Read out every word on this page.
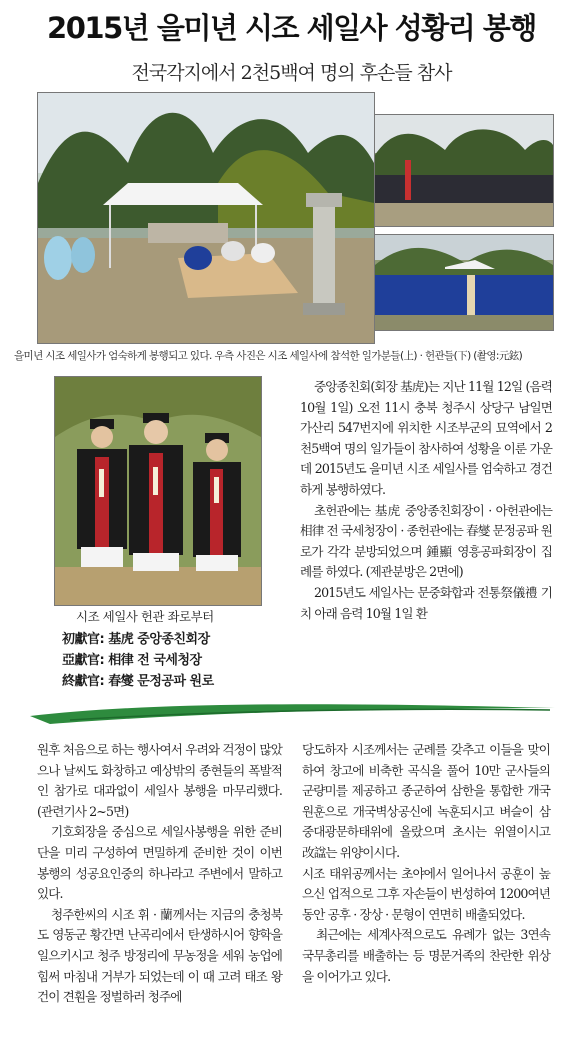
2015년 을미년 시조 세일사 성황리 봉행
전국각지에서 2천5백여 명의 후손들 참사
을미년 시조 세일사가 엄숙하게 봉행되고 있다. 우측 사진은 시조 세일사에 참석한 일가분들(上) · 헌관들(下) (촬영:元鉉)
시조 세일사 헌관 좌로부터
初獻官: 基虎 중앙종친회장
亞獻官: 相律 전 국세청장
終獻官: 春燮 문정공파 원로

중앙종친회(회장 基虎)는 지난 11월 12일 (음력 10월 1일) 오전 11시 충북 청주시 상당구 남일면 가산리 547번지에 위치한 시조부군의 묘역에서 2천5백여 명의 일가들이 참사하여 성황을 이룬 가운데 2015년도 을미년 시조 세일사를 엄숙하고 경건하게 봉행하였다.

초헌관에는 基虎 중앙종친회장이 · 아헌관에는 相律 전 국세청장이 · 종헌관에는 春燮 문정공파 원로가 각각 분방되었으며 鍾顯 영흥공파회장이 집례를 하였다. (제관분방은 2면에)

2015년도 세일사는 문중화합과 전통祭儀禮 기치 아래 음력 10월 1일 환

원후 처음으로 하는 행사여서 우려와 걱정이 많았으나 날씨도 화창하고 예상밖의 종현들의 폭발적인 참가로 대과없이 세일사 봉행을 마무리했다.(관련기사 2~5면)

기호회장을 중심으로 세일사봉행을 위한 준비단을 미리 구성하여 면밀하게 준비한 것이 이번 봉행의 성공요인중의 하나라고 주변에서 말하고 있다.

청주한씨의 시조 휘 · 蘭께서는 지금의 충청북도 영동군 황간면 난곡리에서 탄생하시어 향학을 일으키시고 청주 방정리에 무농정을 세워 농업에 힘써 마침내 거부가 되었는데 이 때 고려 태조 왕건이 견훤을 정벌하러 청주에

당도하자 시조께서는 군례를 갖추고 이들을 맞이하여 창고에 비축한 곡식을 풀어 10만 군사들의 군량미를 제공하고 종군하여 삼한을 통합한 개국원훈으로 개국벽상공신에 녹훈되시고 벼슬이 삼중대광문하태위에 올랐으며 초시는 위열이시고 改諡는 위양이시다.

시조 태위공께서는 초야에서 일어나서 공훈이 높으신 업적으로 그후 자손들이 번성하여 1200여년동안 공후 · 장상 · 문형이 연면히 배출되었다.

최근에는 세계사적으로도 유례가 없는 3연속 국무총리를 배출하는 등 명문거족의 찬란한 위상을 이어가고 있다.
